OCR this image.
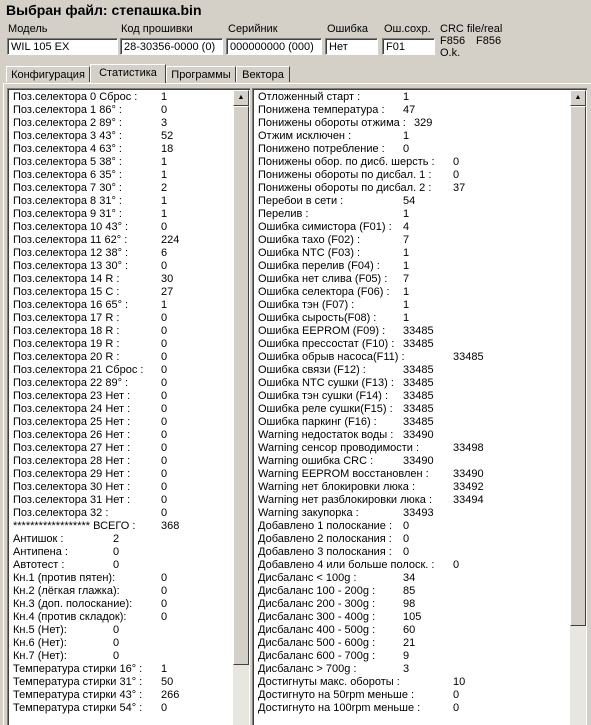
Выбран файл: степашка.bin
Модель
WIL 105 EX
Код прошивки
28-30356-0000 (0)
Серийник
000000000 (000)
Ошибка
Нет
Ош.сохр.
F01
CRC file/real
F856 F856
O.k.
Конфигурация	Статистика	Программы	Вектора
Поз.селектора 0 Сброс : 1
Поз.селектора 1 86° :	0
Поз.селектора 2 89° :	3
Поз.селектора 3 43° :	52
Поз.селектора 4 63° :	18
Поз.селектора 5 38° :	1
Поз.селектора 6 35° :	1
Поз.селектора 7 30° :	2
Поз.селектора 8 31° :	1
Поз.селектора 9 31° :	1
Поз.селектора 10 43° :	0
Поз.селектора 11 62° :	224
Поз.селектора 12 38° :	6
Поз.селектора 13 30° :	0
Поз.селектора 14 R :	30
Поз.селектора 15 C :	27
Поз.селектора 16 65° :	1
Поз.селектора 17 R :	0
Поз.селектора 18 R :	0
Поз.селектора 19 R :	0
Поз.селектора 20 R :	0
Поз.селектора 21 Сброс : 0
Поз.селектора 22 89° :	0
Поз.селектора 23 Нет :	0
Поз.селектора 24 Нет :	0
Поз.селектора 25 Нет :	0
Поз.селектора 26 Нет :	0
Поз.селектора 27 Нет :	0
Поз.селектора 28 Нет :	0
Поз.селектора 29 Нет :	0
Поз.селектора 30 Нет :	0
Поз.селектора 31 Нет :	0
Поз.селектора 32 :	0
****************** ВСЕГО : 368
Антишок :	2
Антипена :	0
Автотест :	0
Кн.1 (против пятен):	0
Кн.2 (лёгкая глажка):	0
Кн.3 (доп. полоскание):	0
Кн.4 (против складок):	0
Кн.5 (Нет):	0
Кн.6 (Нет):	0
Кн.7 (Нет):	0
Температура стирки 16° : 1
Температура стирки 31° : 50
Температура стирки 43° : 266
Температура стирки 54° : 0
▲	Отложенный старт :	1
Понижена температура : 47
Понижены обороты отжима : 329
Отжим исключен :	1
Понижено потребление : 0
Понижены обор. по дисб. шерсть : 0
Понижены обороты по дисбал. 1 : 0
Понижены обороты по дисбал. 2 : 37
Перебои в сети :	54
Перелив :	1
Ошибка симистора (F01) : 4
Ошибка тахо (F02) :	7
Ошибка NTC (F03) :	1
Ошибка перелив (F04) : 1
Ошибка нет слива (F05) : 7
Ошибка селектора (F06) : 1
Ошибка тэн (F07) :	1
Ошибка сырость(F08) : 1
Ошибка EEPROM (F09) : 33485
Ошибка прессостат (F10) : 33485
Ошибка обрыв насоса(F11) :	33485
Ошибка связи (F12) :	33485
Ошибка NTC сушки (F13) : 33485
Ошибка тэн сушки (F14) : 33485
Ошибка реле сушки(F15) : 33485
Ошибка паркинг (F16) : 33485
Warning недостаток воды : 33490
Warning сенсор проводимости :	33498
Warning ошибка CRC :	33490
Warning EEPROM восстановлен : 33490
Warning нет блокировки люка :	33492
Warning нет разблокировки люка : 33494
Warning закупорка :	33493
Добавлено 1 полоскание : 0
Добавлено 2 полоскания : 0
Добавлено 3 полоскания : 0
Добавлено 4 или больше полоск. : 0
Дисбаланс < 100g :	34
Дисбаланс 100 - 200g :	85
Дисбаланс 200 - 300g :	98
Дисбаланс 300 - 400g :	105
Дисбаланс 400 - 500g :	60
Дисбаланс 500 - 600g :	21
Дисбаланс 600 - 700g :	9
Дисбаланс > 700g :	3
Достигнуты макс. обороты :	10
Достигнуто на 50rpm меньше :	0
Достигнуто на 100rpm меньше :	0
▲
